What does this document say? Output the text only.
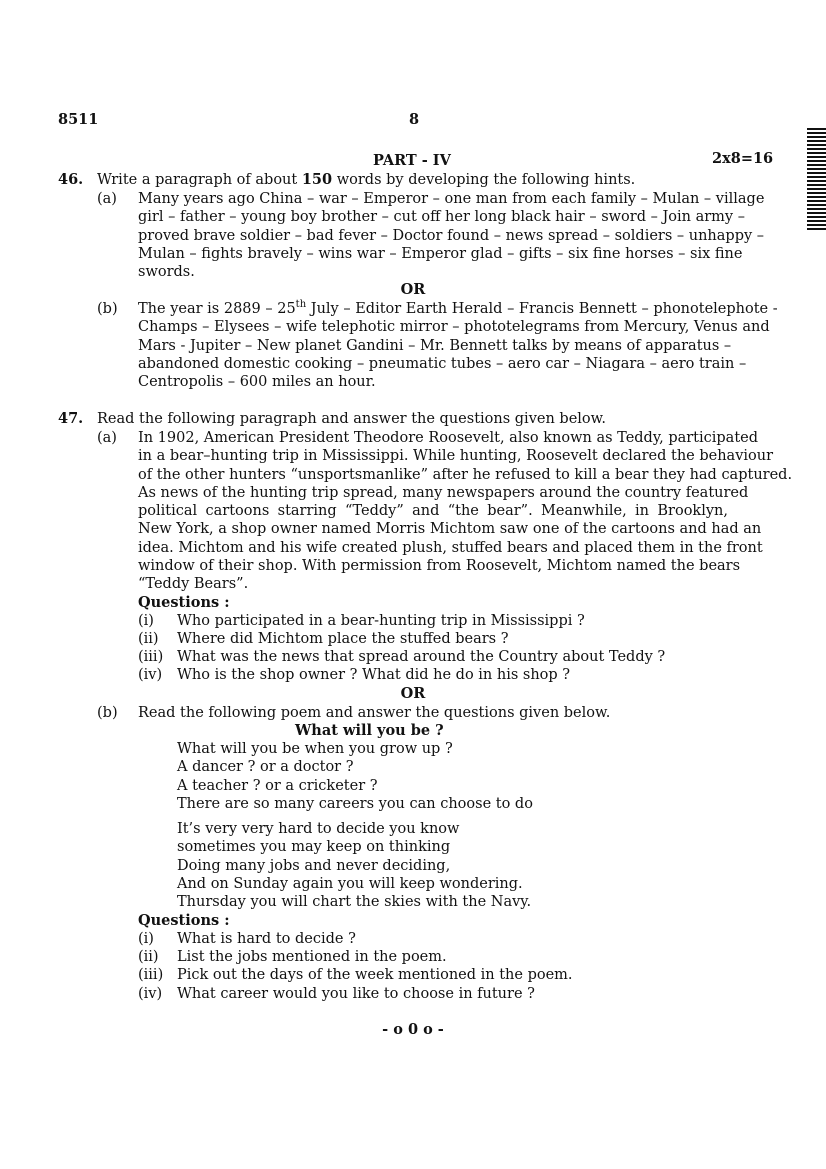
8511	8
PART - IV	2x8=16
46. Write a paragraph of about 150 words by developing the following hints.
(a) Many years ago China – war – Emperor – one man from each family – Mulan – village
girl – father – young boy brother – cut off her long black hair – sword – Join army –
proved brave soldier – bad fever – Doctor found – news spread – soldiers – unhappy –
Mulan – fights bravely – wins war – Emperor glad – gifts – six fine horses – six fine
swords.
OR
(b) The year is 2889 – 25th July – Editor Earth Herald – Francis Bennett – phonotelephote -
Champs – Elysees – wife telephotic mirror – phototelegrams from Mercury, Venus and
Mars - Jupiter – New planet Gandini – Mr. Bennett talks by means of apparatus –
abandoned domestic cooking – pneumatic tubes – aero car – Niagara – aero train –
Centropolis – 600 miles an hour.
47. Read the following paragraph and answer the questions given below.
(a) In 1902, American President Theodore Roosevelt, also known as Teddy, participated
in a bear–hunting trip in Mississippi. While hunting, Roosevelt declared the behaviour
of the other hunters “unsportsmanlike” after he refused to kill a bear they had captured.
As news of the hunting trip spread, many newspapers around the country featured
political cartoons starring “Teddy” and “the bear”. Meanwhile, in Brooklyn,
New York, a shop owner named Morris Michtom saw one of the cartoons and had an
idea. Michtom and his wife created plush, stuffed bears and placed them in the front
window of their shop. With permission from Roosevelt, Michtom named the bears
“Teddy Bears”.
Questions :
(i) Who participated in a bear-hunting trip in Mississippi ?
(ii) Where did Michtom place the stuffed bears ?
(iii) What was the news that spread around the Country about Teddy ?
(iv) Who is the shop owner ? What did he do in his shop ?
OR
(b) Read the following poem and answer the questions given below.
What will you be ?
What will you be when you grow up ?
A dancer ? or a doctor ?
A teacher ? or a cricketer ?
There are so many careers you can choose to do
It’s very very hard to decide you know
sometimes you may keep on thinking
Doing many jobs and never deciding,
And on Sunday again you will keep wondering.
Thursday you will chart the skies with the Navy.
Questions :
(i) What is hard to decide ?
(ii) List the jobs mentioned in the poem.
(iii) Pick out the days of the week mentioned in the poem.
(iv) What career would you like to choose in future ?
- o 0 o -
